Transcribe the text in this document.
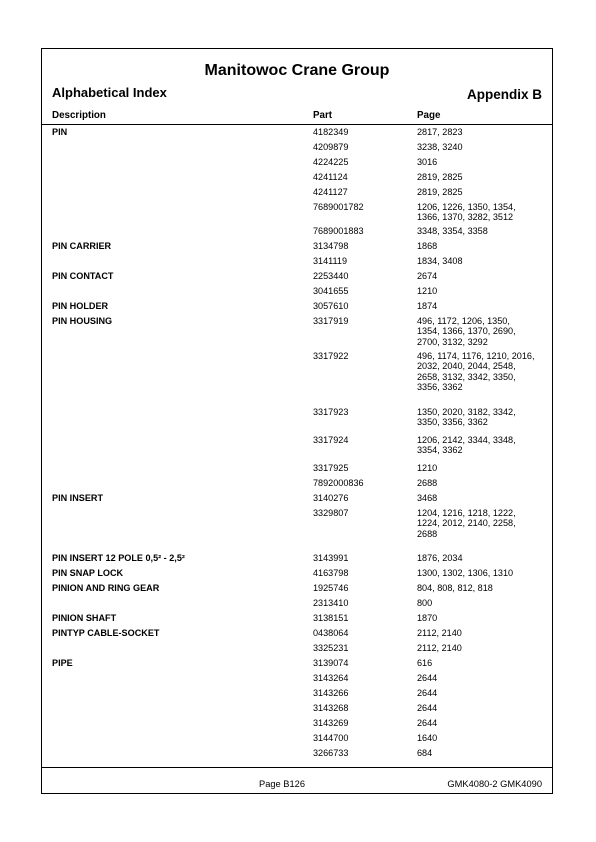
Manitowoc Crane Group
Alphabetical Index	Appendix B
Description	Part	Page
PIN	4182349	2817, 2823
4209879	3238, 3240
4224225	3016
4241124	2819, 2825
4241127	2819, 2825
7689001782	1206, 1226, 1350, 1354, 1366, 1370, 3282, 3512
7689001883	3348, 3354, 3358
PIN CARRIER	3134798	1868
3141119	1834, 3408
PIN CONTACT	2253440	2674
3041655	1210
PIN HOLDER	3057610	1874
PIN HOUSING	3317919	496, 1172, 1206, 1350, 1354, 1366, 1370, 2690, 2700, 3132, 3292
3317922	496, 1174, 1176, 1210, 2016, 2032, 2040, 2044, 2548, 2658, 3132, 3342, 3350, 3356, 3362
3317923	1350, 2020, 3182, 3342, 3350, 3356, 3362
3317924	1206, 2142, 3344, 3348, 3354, 3362
3317925	1210
7892000836	2688
PIN INSERT	3140276	3468
3329807	1204, 1216, 1218, 1222, 1224, 2012, 2140, 2258, 2688
PIN INSERT 12 POLE 0,5² - 2,5²	3143991	1876, 2034
PIN SNAP LOCK	4163798	1300, 1302, 1306, 1310
PINION AND RING GEAR	1925746	804, 808, 812, 818
2313410	800
PINION SHAFT	3138151	1870
PINTYP CABLE-SOCKET	0438064	2112, 2140
3325231	2112, 2140
PIPE	3139074	616
3143264	2644
3143266	2644
3143268	2644
3143269	2644
3144700	1640
3266733	684
Page B126	GMK4080-2 GMK4090
